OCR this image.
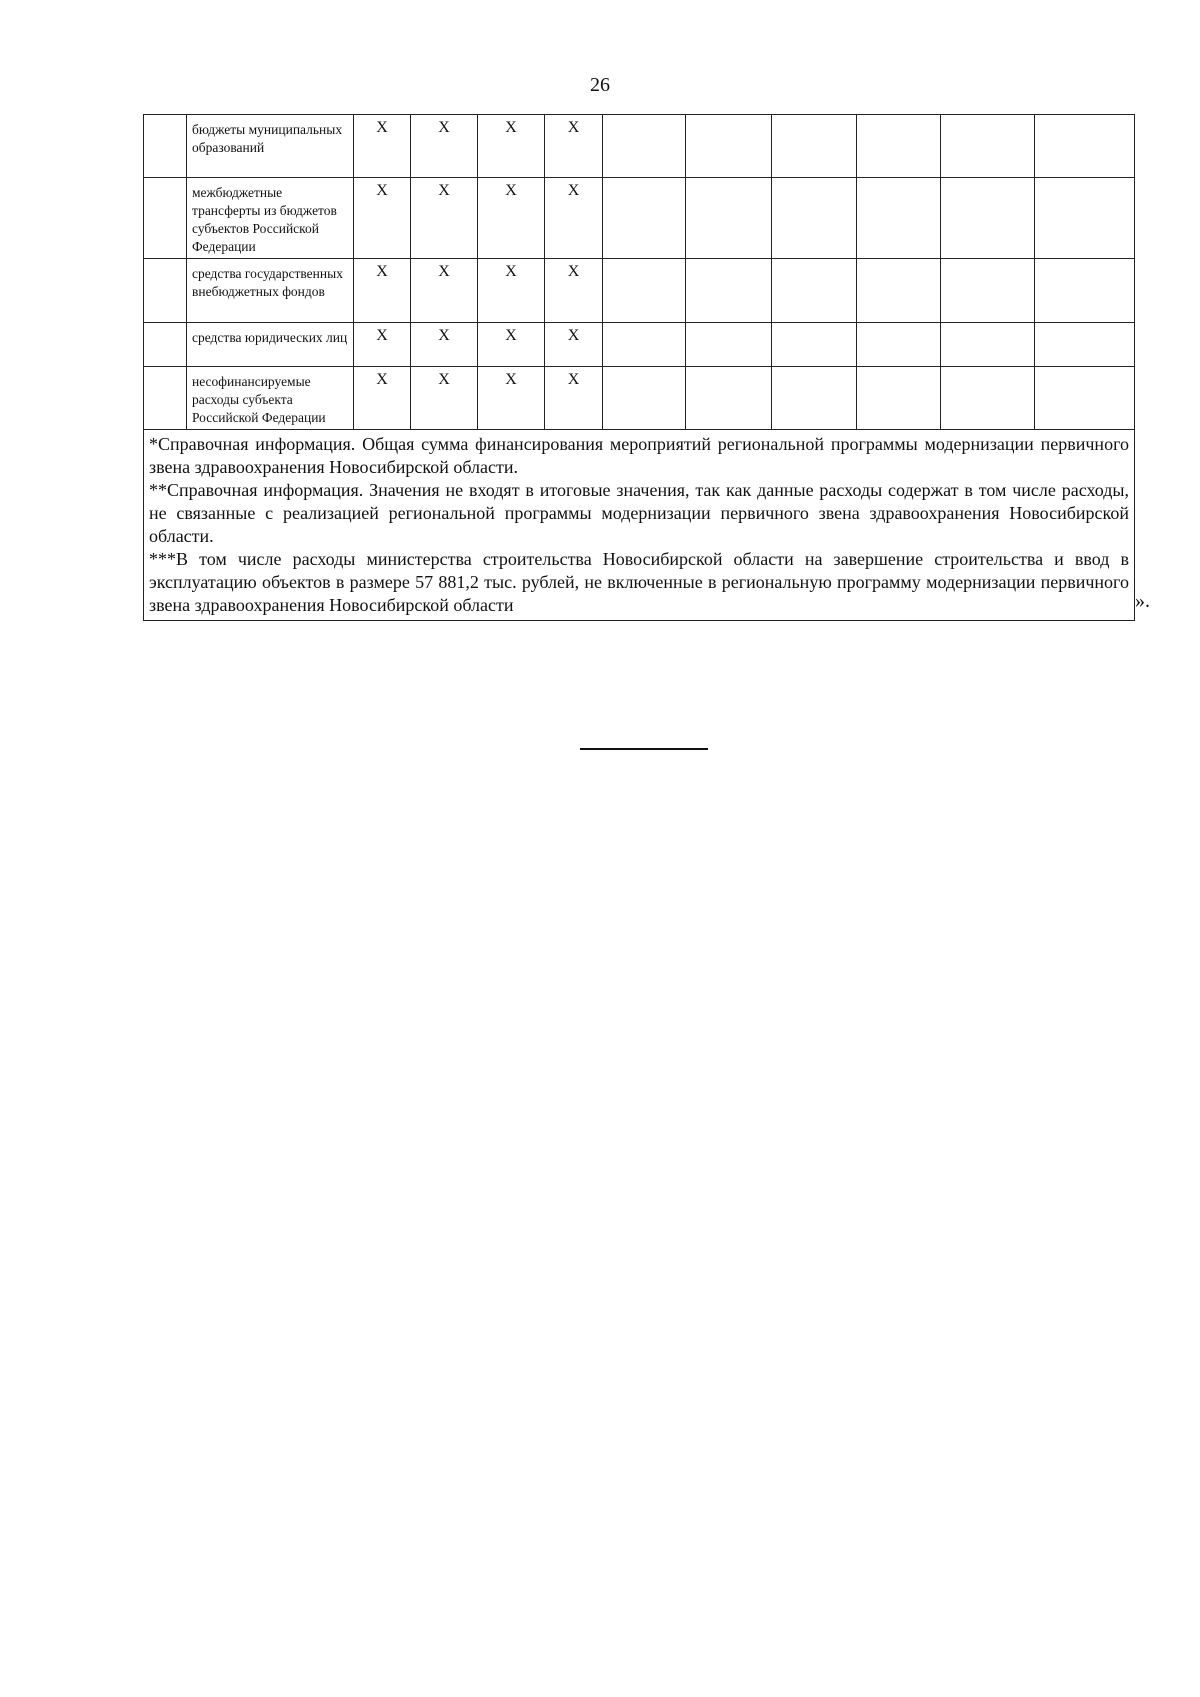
26
	бюджеты муниципальных образований	Х	Х	Х	Х						
	межбюджетные трансферты из бюджетов субъектов Российской Федерации	Х	Х	Х	Х						
	средства государственных внебюджетных фондов	Х	Х	Х	Х						
	средства юридических лиц	Х	Х	Х	Х						
	несофинансируемые расходы субъекта Российской Федерации	Х	Х	Х	Х						

*Справочная информация. Общая сумма финансирования мероприятий региональной программы модернизации первичного звена здравоохранения Новосибирской области.

**Справочная информация. Значения не входят в итоговые значения, так как данные расходы содержат в том числе расходы, не связанные с реализацией региональной программы модернизации первичного звена здравоохранения Новосибирской области.

***В том числе расходы министерства строительства Новосибирской области на завершение строительства и ввод в эксплуатацию объектов в размере 57 881,2 тыс. рублей, не включенные в региональную программу модернизации первичного звена здравоохранения Новосибирской области												».
